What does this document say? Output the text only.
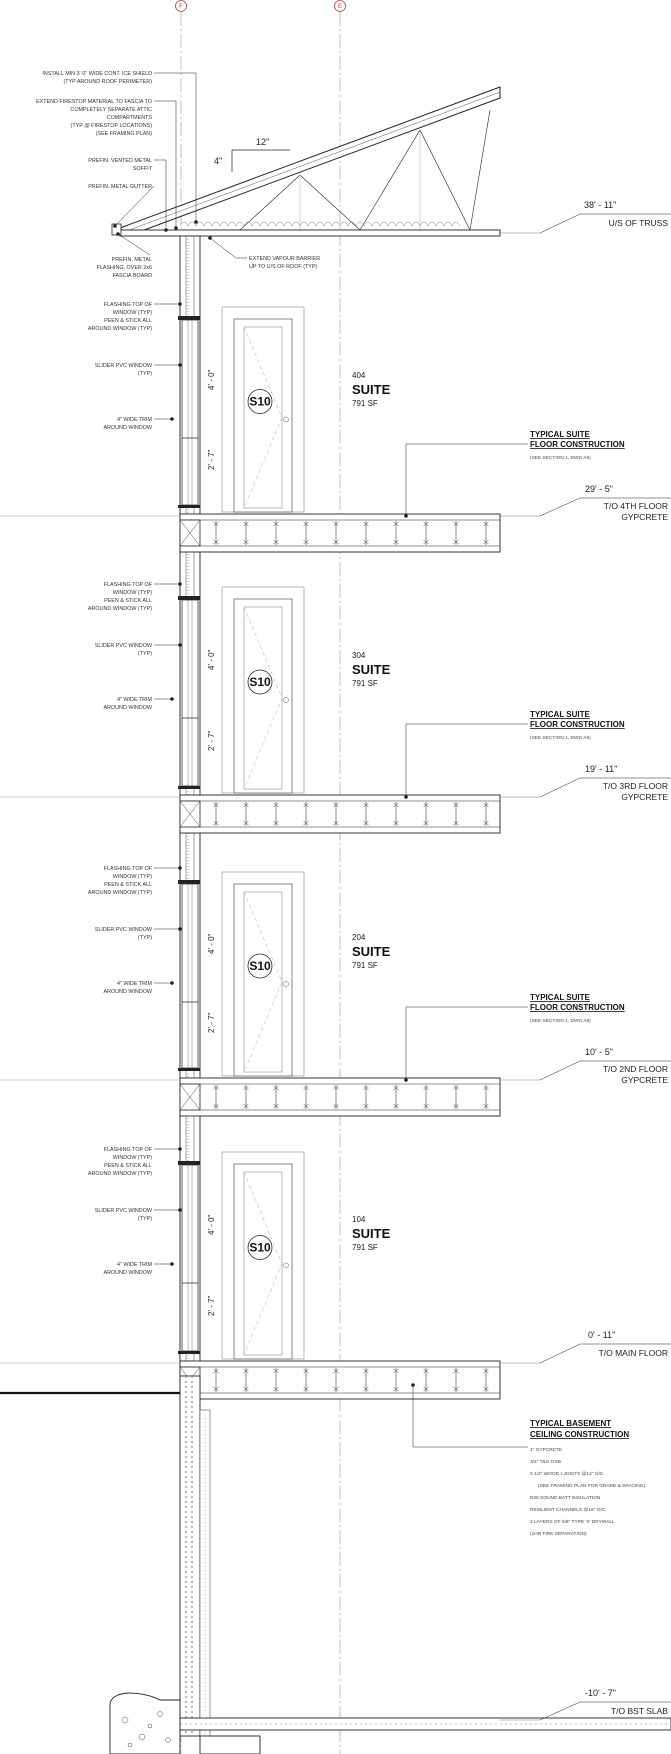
F	E
12"
4"
INSTALL MIN 3'-0" WIDE CONT. ICE SHIELD
(TYP AROUND ROOF PERIMETER)
EXTEND FIRESTOP MATERIAL TO FASCIA TO
COMPLETELY SEPARATE ATTIC
COMPARTMENTS
(TYP @ FIRESTOP LOCATIONS)
(SEE FRAMING PLAN)
PREFIN. VENTED METAL
SOFFIT
PREFIN. METAL GUTTER
PREFIN. METAL
FLASHING, OVER 2x6
FASCIA BOARD
EXTEND VAPOUR BARRIER
UP TO U/S OF ROOF (TYP)
4' - 0"
2' - 7"
FLASHING TOP OF
WINDOW (TYP)
PEEN & STICK ALL
AROUND WINDOW (TYP)
SLIDER PVC WINDOW
(TYP)
4" WIDE TRIM
AROUND WINDOW
S10
4' - 0"
2' - 7"
FLASHING TOP OF
WINDOW (TYP)
PEEN & STICK ALL
AROUND WINDOW (TYP)
SLIDER PVC WINDOW
(TYP)
4" WIDE TRIM
AROUND WINDOW
S10
4' - 0"
2' - 7"
FLASHING TOP OF
WINDOW (TYP)
PEEN & STICK ALL
AROUND WINDOW (TYP)
SLIDER PVC WINDOW
(TYP)
4" WIDE TRIM
AROUND WINDOW
S10
4' - 0"
2' - 7"
FLASHING TOP OF
WINDOW (TYP)
PEEN & STICK ALL
AROUND WINDOW (TYP)
SLIDER PVC WINDOW
(TYP)
4" WIDE TRIM
AROUND WINDOW
S10
404
SUITE
791 SF
304
SUITE
791 SF
204
SUITE
791 SF
104
SUITE
791 SF
TYPICAL SUITE
FLOOR CONSTRUCTION
(SEE SECTION 1, DWG A8)
TYPICAL SUITE
FLOOR CONSTRUCTION
(SEE SECTION 1, DWG A8)
TYPICAL SUITE
FLOOR CONSTRUCTION
(SEE SECTION 1, DWG A8)
TYPICAL BASEMENT
CEILING CONSTRUCTION
1" GYPCRETE
3/4" T&G OSB
9 1/2" WOOD I-JOISTS @12" O/C
(SEE FRAMING PLAN FOR GRADE & SPACING)
R28 SOUND BATT INSULATION
RESILIENT CHANNELS @16" O/C
2 LAYERS OF 5/8" TYPE 'X' DRYWALL
(1HR FIRE SEPARATION)
38' - 11"
U/S OF TRUSS
29' - 5"
T/O 4TH FLOOR
GYPCRETE
19' - 11"
T/O 3RD FLOOR
GYPCRETE
10' - 5"
T/O 2ND FLOOR
GYPCRETE
0' - 11"
T/O MAIN FLOOR
-10' - 7"
T/O BST SLAB
